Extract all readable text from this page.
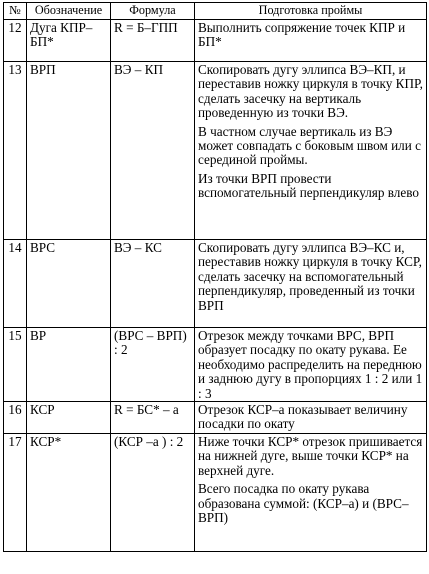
№	Обозначение	Формула	Подготовка проймы
12	Дуга КПР–БП*	R = Б–ГПП	Выполнить сопряжение точек КПР и БП*

13	ВРП	ВЭ – КП	Скопировать дугу эллипса ВЭ–КП, и переставив ножку циркуля в точку КПР, сделать засечку на вертикаль проведенную из точки ВЭ.
В частном случае вертикаль из ВЭ может совпадать с боковым швом или с серединой проймы.
Из точки ВРП провести вспомогательный перпендикуляр влево

14	ВРС	ВЭ – КС	Скопировать дугу эллипса ВЭ–КС и, переставив ножку циркуля в точку КСР, сделать засечку на вспомогательный перпендикуляр, проведенный из точки ВРП

15	ВР	(ВРС – ВРП) : 2	Отрезок между точками ВРС, ВРП образует посадку по окату рукава. Ее необходимо распределить на переднюю и заднюю дугу в пропорциях 1 : 2 или 1 : 3

16	КСР	R = БС* – а	Отрезок КСР–а показывает величину посадки по окату

17	КСР*	(КСР –а ) : 2	Ниже точки КСР* отрезок пришивается на нижней дуге, выше точки КСР* на верхней дуге.
Всего посадка по окату рукава образована суммой: (КСР–а) и (ВРС– ВРП)
